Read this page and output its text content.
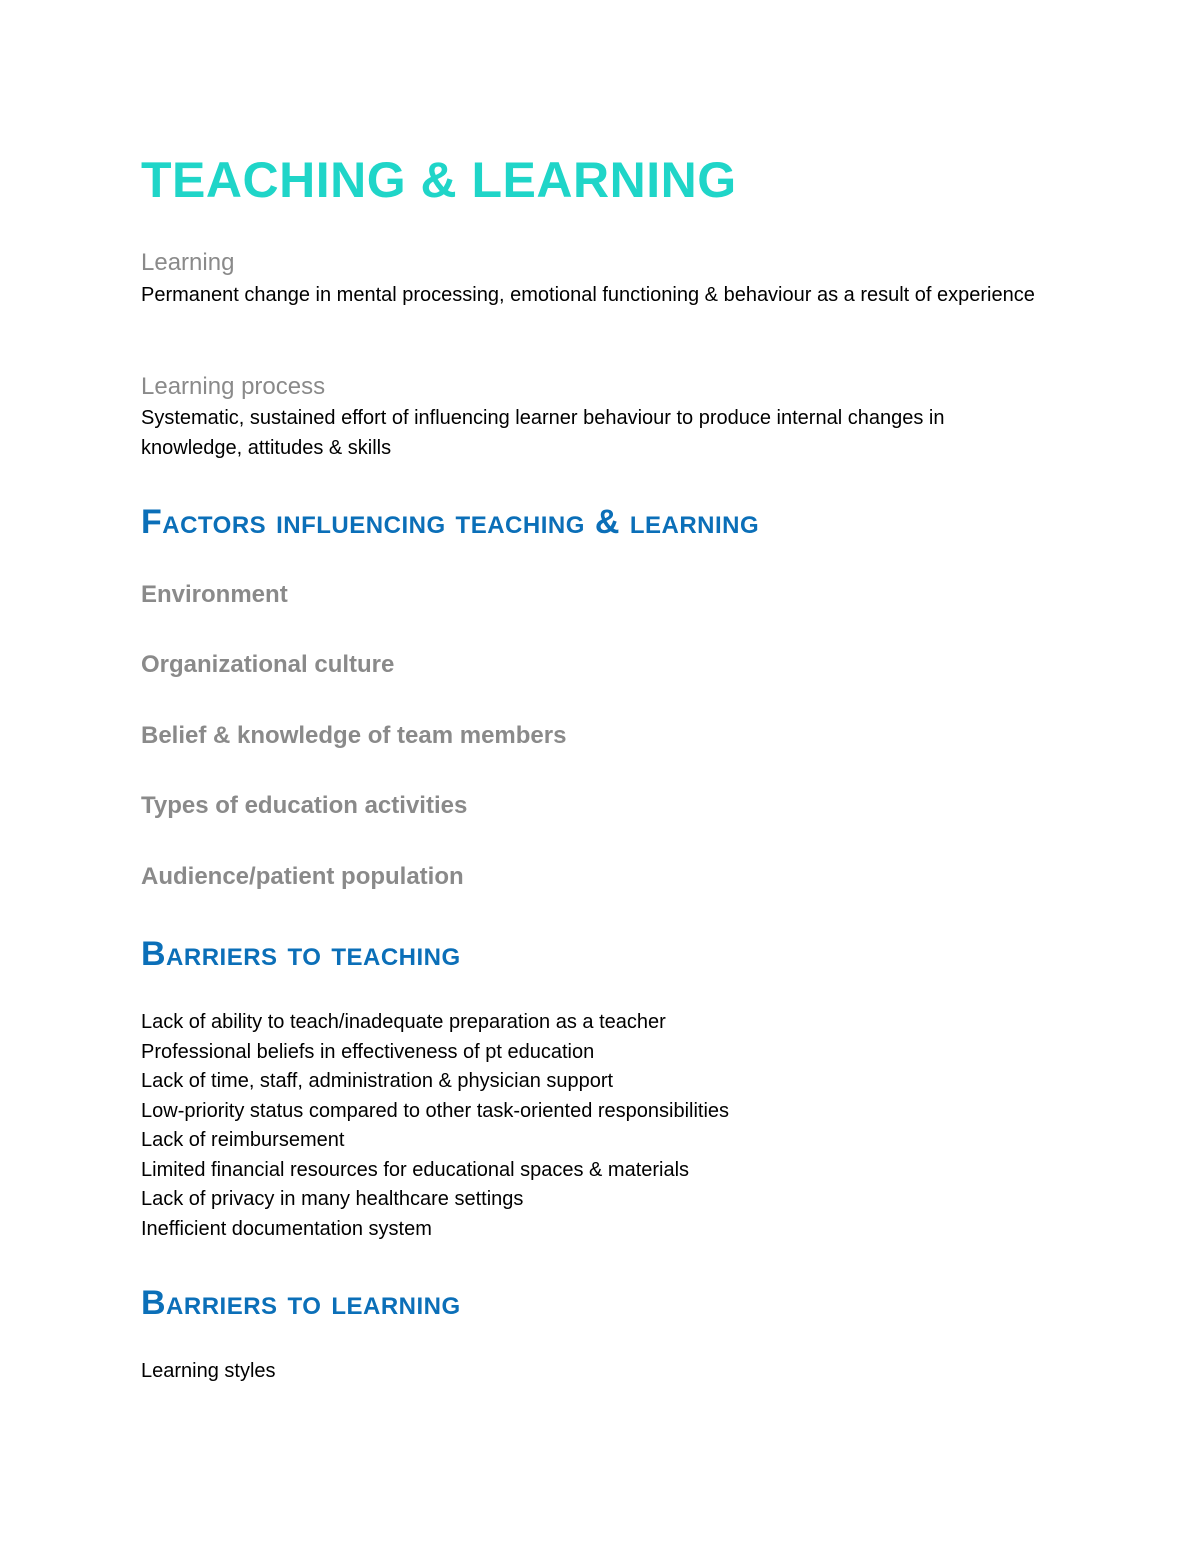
TEACHING & LEARNING
Learning
Permanent change in mental processing, emotional functioning & behaviour as a result of experience
Learning process
Systematic, sustained effort of influencing learner behaviour to produce internal changes in knowledge, attitudes & skills
Factors influencing teaching & learning
Environment
Organizational culture
Belief & knowledge of team members
Types of education activities
Audience/patient population
Barriers to teaching
Lack of ability to teach/inadequate preparation as a teacher
Professional beliefs in effectiveness of pt education
Lack of time, staff, administration & physician support
Low-priority status compared to other task-oriented responsibilities
Lack of reimbursement
Limited financial resources for educational spaces & materials
Lack of privacy in many healthcare settings
Inefficient documentation system
Barriers to learning
Learning styles
